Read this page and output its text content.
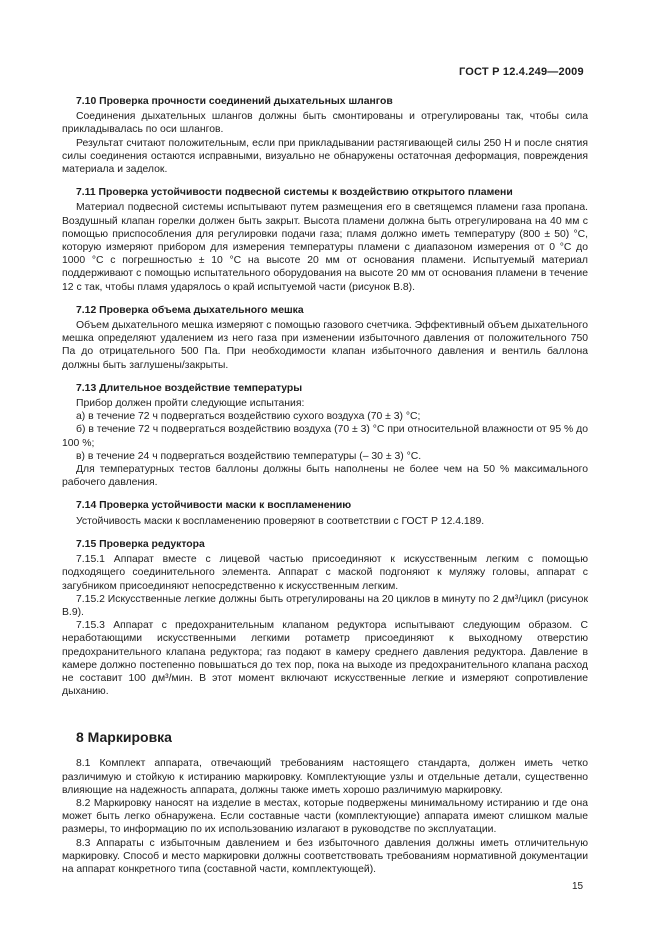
ГОСТ Р 12.4.249—2009
7.10 Проверка прочности соединений дыхательных шлангов

Соединения дыхательных шлангов должны быть смонтированы и отрегулированы так, чтобы сила прикладывалась по оси шлангов.

Результат считают положительным, если при прикладывании растягивающей силы 250 Н и после снятия силы соединения остаются исправными, визуально не обнаружены остаточная деформация, повреждения материала и заделок.

7.11 Проверка устойчивости подвесной системы к воздействию открытого пламени

Материал подвесной системы испытывают путем размещения его в светящемся пламени газа пропана. Воздушный клапан горелки должен быть закрыт. Высота пламени должна быть отрегулирована на 40 мм с помощью приспособления для регулировки подачи газа; пламя должно иметь температуру (800 ± 50) °С, которую измеряют прибором для измерения температуры пламени с диапазоном измерения от 0 °С до 1000 °С с погрешностью ± 10 °С на высоте 20 мм от основания пламени. Испытуемый материал поддерживают с помощью испытательного оборудования на высоте 20 мм от основания пламени в течение 12 с так, чтобы пламя ударялось о край испытуемой части (рисунок В.8).

7.12 Проверка объема дыхательного мешка

Объем дыхательного мешка измеряют с помощью газового счетчика. Эффективный объем дыхательного мешка определяют удалением из него газа при изменении избыточного давления от положительного 750 Па до отрицательного 500 Па. При необходимости клапан избыточного давления и вентиль баллона должны быть заглушены/закрыты.

7.13 Длительное воздействие температуры

Прибор должен пройти следующие испытания:

а) в течение 72 ч подвергаться воздействию сухого воздуха (70 ± 3) °С;

б) в течение 72 ч подвергаться воздействию воздуха (70 ± 3) °С при относительной влажности от 95 % до 100 %;

в) в течение 24 ч подвергаться воздействию температуры (– 30 ± 3) °С.

Для температурных тестов баллоны должны быть наполнены не более чем на 50 % максимального рабочего давления.

7.14 Проверка устойчивости маски к воспламенению

Устойчивость маски к воспламенению проверяют в соответствии с ГОСТ Р 12.4.189.

7.15 Проверка редуктора

7.15.1 Аппарат вместе с лицевой частью присоединяют к искусственным легким с помощью подходящего соединительного элемента. Аппарат с маской подгоняют к муляжу головы, аппарат с загубником присоединяют непосредственно к искусственным легким.

7.15.2 Искусственные легкие должны быть отрегулированы на 20 циклов в минуту по 2 дм³/цикл (рисунок В.9).

7.15.3 Аппарат с предохранительным клапаном редуктора испытывают следующим образом. С неработающими искусственными легкими ротаметр присоединяют к выходному отверстию предохранительного клапана редуктора; газ подают в камеру среднего давления редуктора. Давление в камере должно постепенно повышаться до тех пор, пока на выходе из предохранительного клапана расход не составит 100 дм³/мин. В этот момент включают искусственные легкие и измеряют сопротивление дыханию.

8 Маркировка

8.1 Комплект аппарата, отвечающий требованиям настоящего стандарта, должен иметь четко различимую и стойкую к истиранию маркировку. Комплектующие узлы и отдельные детали, существенно влияющие на надежность аппарата, должны также иметь хорошо различимую маркировку.

8.2 Маркировку наносят на изделие в местах, которые подвержены минимальному истиранию и где она может быть легко обнаружена. Если составные части (комплектующие) аппарата имеют слишком малые размеры, то информацию по их использованию излагают в руководстве по эксплуатации.

8.3 Аппараты с избыточным давлением и без избыточного давления должны иметь отличительную маркировку. Способ и место маркировки должны соответствовать требованиям нормативной документации на аппарат конкретного типа (составной части, комплектующей).

15
